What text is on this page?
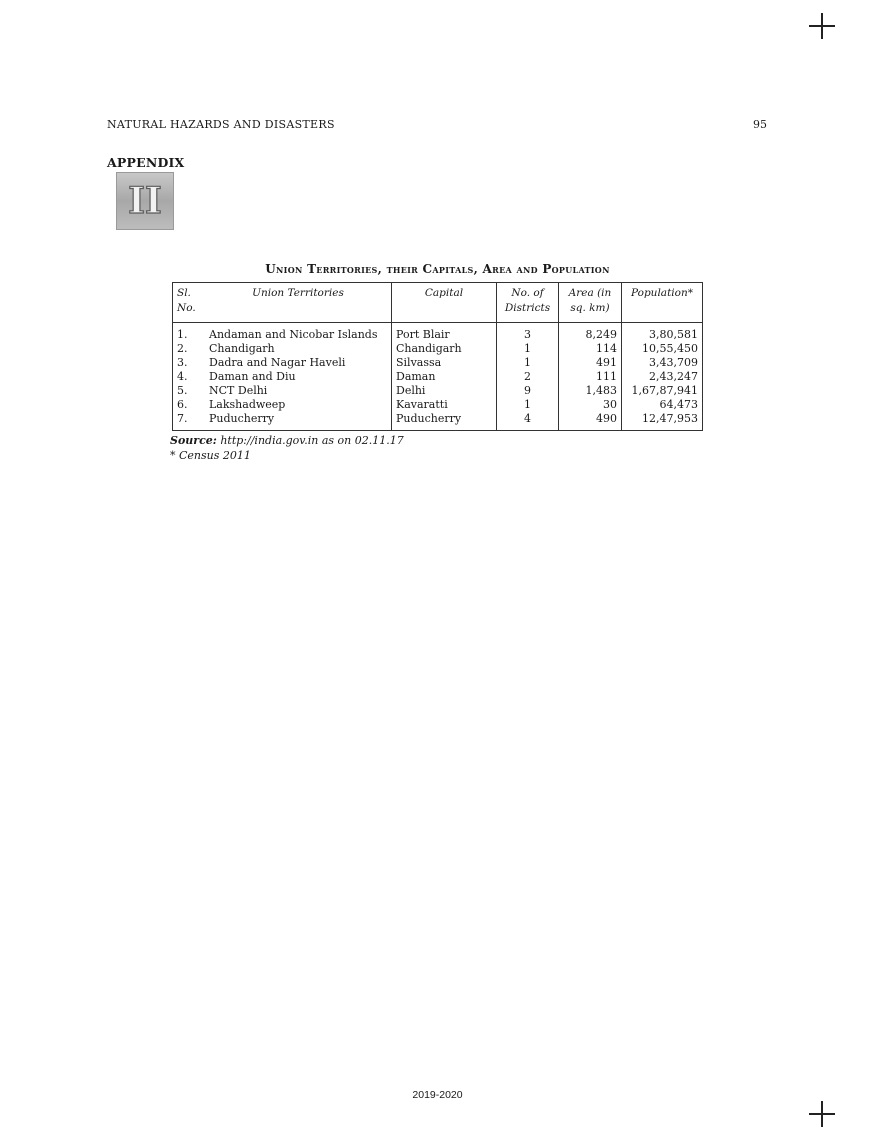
NATURAL HAZARDS AND DISASTERS	95
APPENDIX
II
Union Territories, their Capitals, Area and Population
Sl. No.	Union Territories	Capital	No. of Districts	Area (in sq. km)	Population*
1.	Andaman and Nicobar Islands	Port Blair	3	8,249	3,80,581
2.	Chandigarh	Chandigarh	1	114	10,55,450
3.	Dadra and Nagar Haveli	Silvassa	1	491	3,43,709
4.	Daman and Diu	Daman	2	111	2,43,247
5.	NCT Delhi	Delhi	9	1,483	1,67,87,941
6.	Lakshadweep	Kavaratti	1	30	64,473
7.	Puducherry	Puducherry	4	490	12,47,953
Source: http://india.gov.in as on 02.11.17
* Census 2011
2019-2020
